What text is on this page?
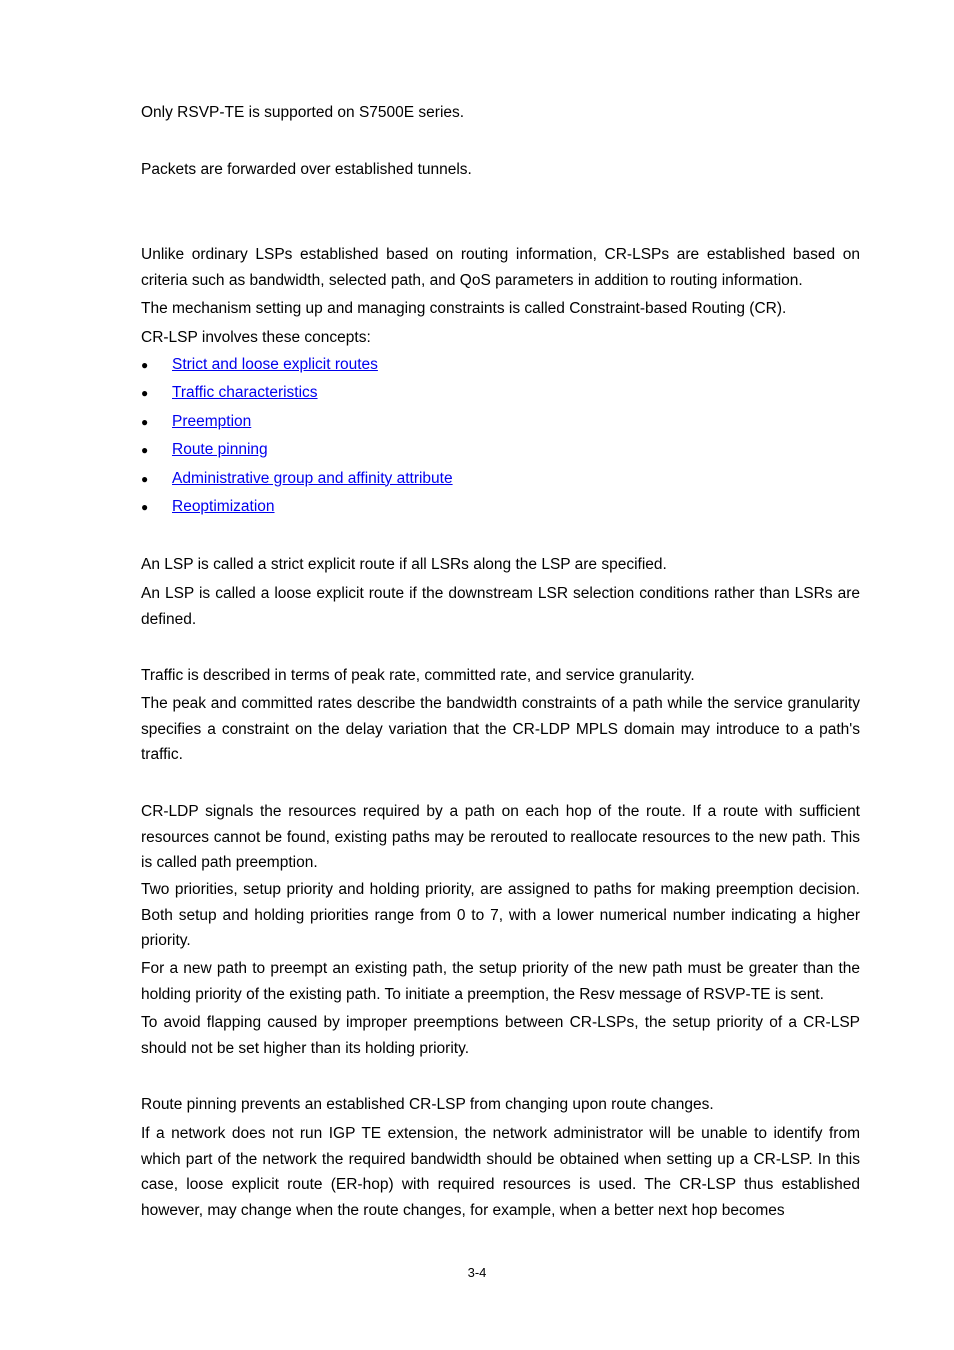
Only RSVP-TE is supported on S7500E series.
Packets are forwarded over established tunnels.

Unlike ordinary LSPs established based on routing information, CR-LSPs are established based on criteria such as bandwidth, selected path, and QoS parameters in addition to routing information.

The mechanism setting up and managing constraints is called Constraint-based Routing (CR).
CR-LSP involves these concepts:
● Strict and loose explicit routes
● Traffic characteristics
● Preemption
● Route pinning
● Administrative group and affinity attribute
● Reoptimization
An LSP is called a strict explicit route if all LSRs along the LSP are specified.

An LSP is called a loose explicit route if the downstream LSR selection conditions rather than LSRs are defined.

Traffic is described in terms of peak rate, committed rate, and service granularity.

The peak and committed rates describe the bandwidth constraints of a path while the service granularity specifies a constraint on the delay variation that the CR-LDP MPLS domain may introduce to a path's traffic.

CR-LDP signals the resources required by a path on each hop of the route. If a route with sufficient resources cannot be found, existing paths may be rerouted to reallocate resources to the new path. This is called path preemption.

Two priorities, setup priority and holding priority, are assigned to paths for making preemption decision. Both setup and holding priorities range from 0 to 7, with a lower numerical number indicating a higher priority.

For a new path to preempt an existing path, the setup priority of the new path must be greater than the holding priority of the existing path. To initiate a preemption, the Resv message of RSVP-TE is sent.

To avoid flapping caused by improper preemptions between CR-LSPs, the setup priority of a CR-LSP should not be set higher than its holding priority.

Route pinning prevents an established CR-LSP from changing upon route changes.

If a network does not run IGP TE extension, the network administrator will be unable to identify from which part of the network the required bandwidth should be obtained when setting up a CR-LSP. In this case, loose explicit route (ER-hop) with required resources is used. The CR-LSP thus established however, may change when the route changes, for example, when a better next hop becomes

3-4
